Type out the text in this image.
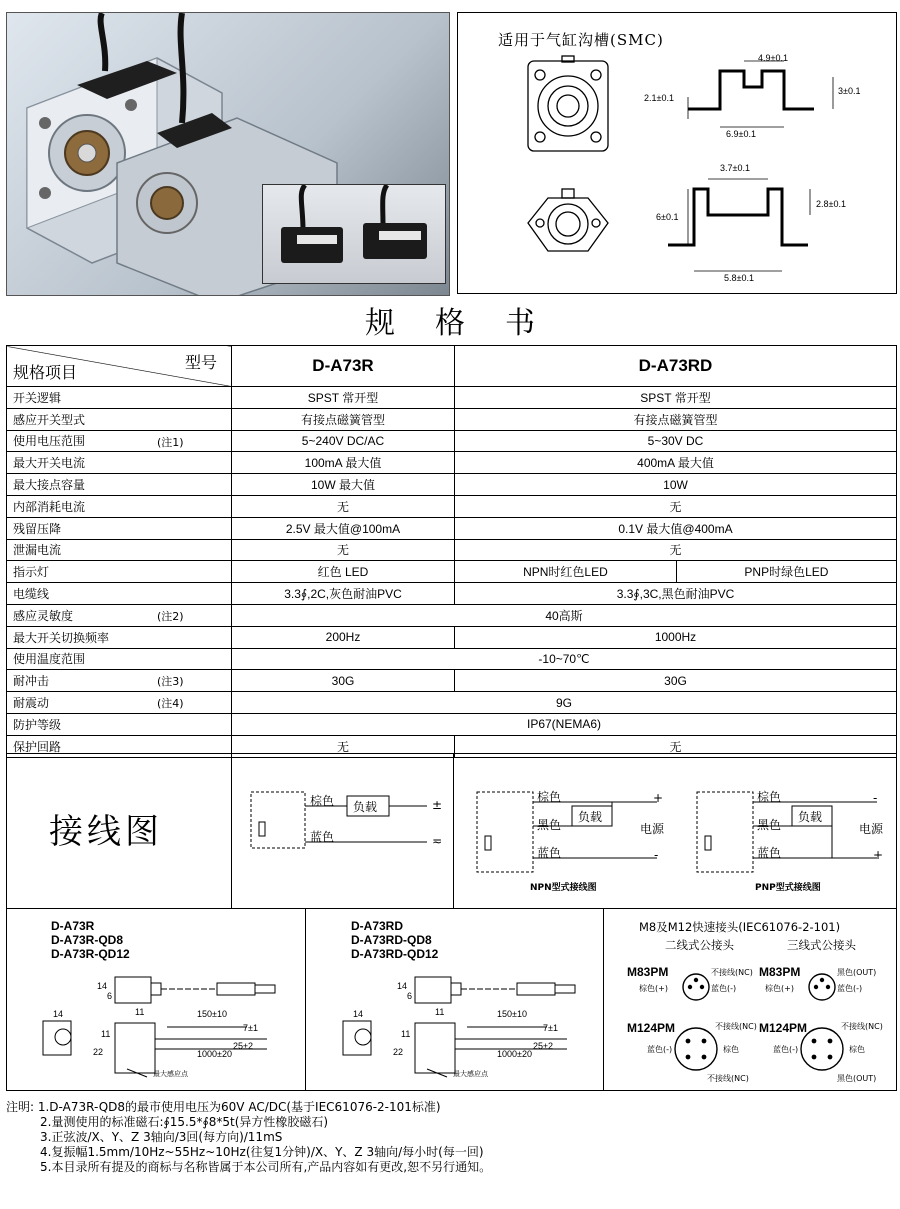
适用于气缸沟槽(SMC)
4.9±0.1
2.1±0.1
3±0.1
6.9±0.1
3.7±0.1
6±0.1
2.8±0.1
5.8±0.1
规格书
规格项目
型号	D-A73R	D-A73RD	
开关逻辑	SPST 常开型	SPST 常开型	
感应开关型式	有接点磁簧管型	有接点磁簧管型	
使用电压范围 (注1)	5~240V DC/AC	5~30V DC	
最大开关电流	100mA 最大值	400mA 最大值	
最大接点容量	10W 最大值	10W	
内部消耗电流	无	无	
残留压降	2.5V 最大值@100mA	0.1V 最大值@400mA	
泄漏电流	无	无	
指示灯	红色 LED	NPN时红色LED	PNP时绿色LED
电缆线	3.3∮,2C,灰色耐油PVC	3.3∮,3C,黑色耐油PVC	
感应灵敏度 (注2)	40高斯		
最大开关切换频率	200Hz	1000Hz	
使用温度范围	-10~70℃		
耐冲击 (注3)	30G	30G	
耐震动 (注4)	9G		
防护等级	IP67(NEMA6)		
保护回路	无	无	
接线图
棕色 负载
蓝色
±
≂
棕色
黑色
负载
蓝色
电源
+
-
NPN型式接线图
棕色
黑色
负载
蓝色
电源
+
-
PNP型式接线图
D-A73R
D-A73R-QD8
D-A73R-QD12
D-A73RD
D-A73RD-QD8
D-A73RD-QD12
14
6
11	150±10
14
11
22
7±1
25±2
1000±20
最大感应点
14
6
11	150±10
14
11
22
7±1
25±2
1000±20
最大感应点
M8及M12快速接头(IEC61076-2-101)
二线式公接头	三线式公接头
M83PM	M83PM
M124PM	M124PM
不接线(NC)
棕色(+)	蓝色(-)
黑色(OUT)
棕色(+)	蓝色(-)
不接线(NC)
蓝色(-)	棕色
不接线(NC)
不接线(NC)
蓝色(-)	棕色
黑色(OUT)
注明: 1.D-A73R-QD8的最市使用电压为60V AC/DC(基于IEC61076-2-101标准)
2.量测使用的标准磁石:∮15.5*∮8*5t(异方性橡胶磁石)
3.正弦波/X、Y、Z 3轴向/3回(每方向)/11mS
4.复振幅1.5mm/10Hz~55Hz~10Hz(往复1分钟)/X、Y、Z 3轴向/每小时(每一回)
5.本目录所有提及的商标与名称皆属于本公司所有,产品内容如有更改,恕不另行通知。
